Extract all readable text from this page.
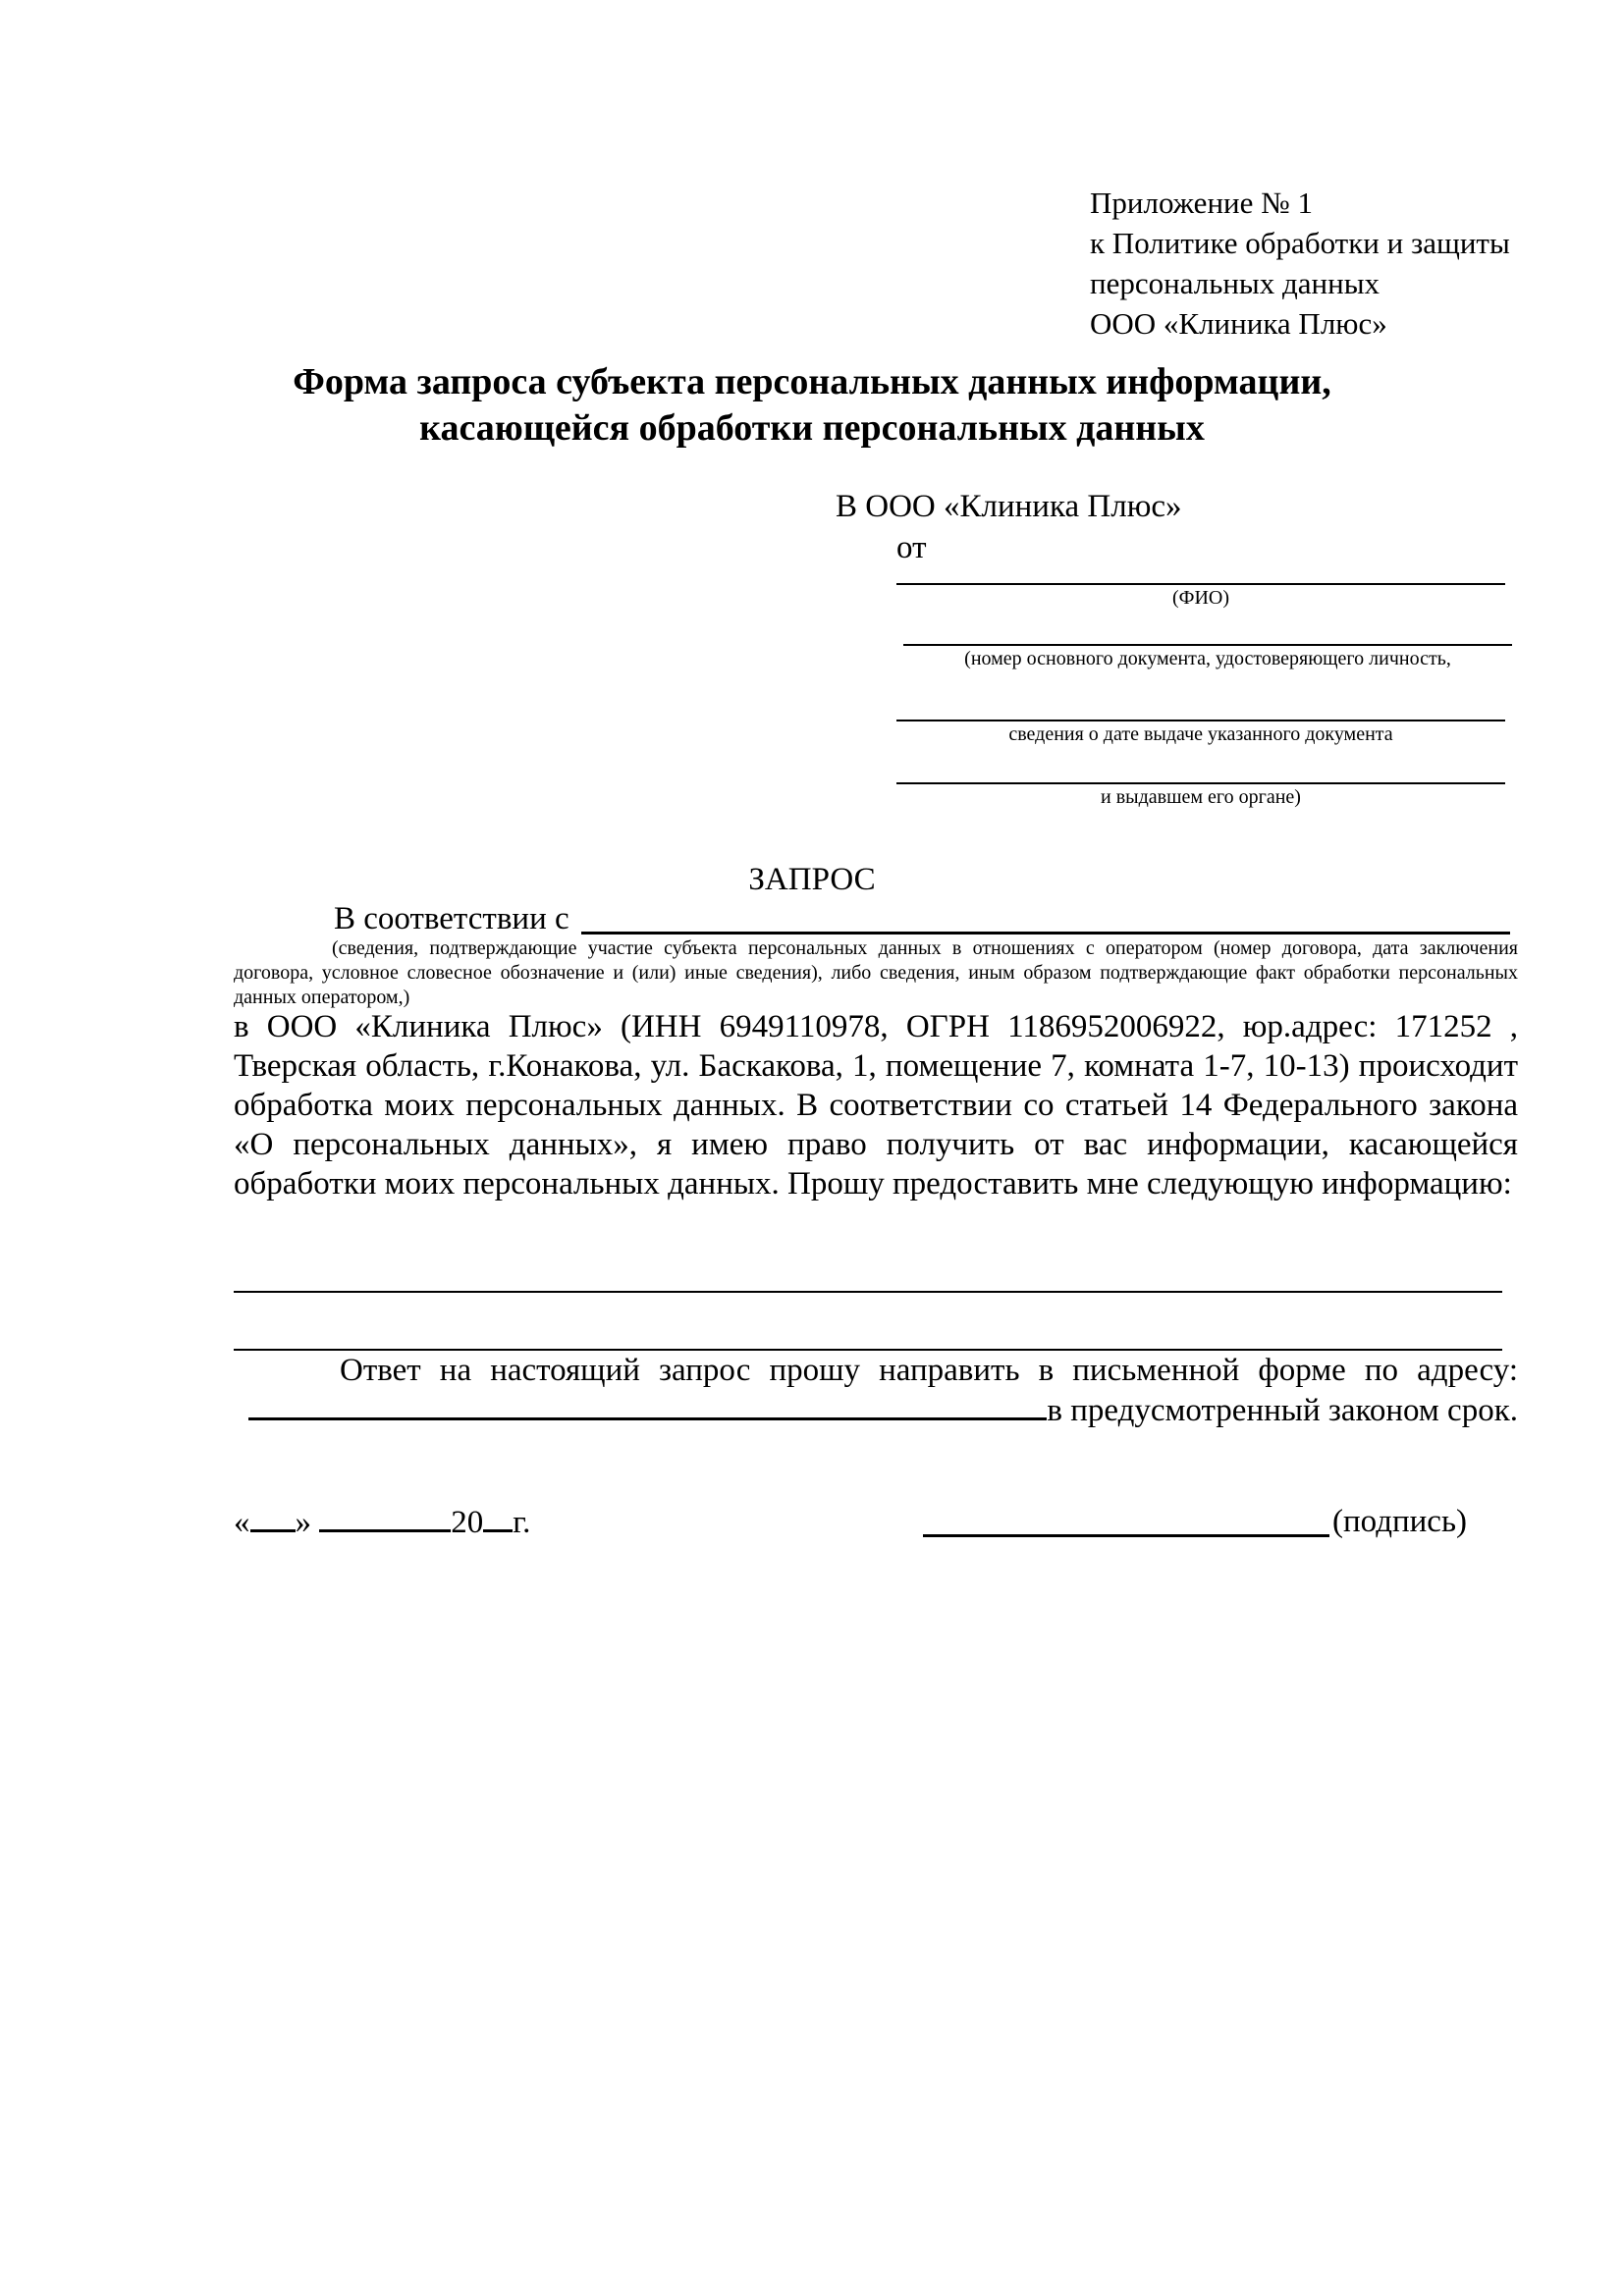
Приложение № 1
к Политике обработки и защиты
персональных данных
ООО «Клиника Плюс»
Форма запроса субъекта персональных данных информации,
касающейся обработки персональных данных
В ООО «Клиника Плюс»
от
(ФИО)
(номер основного документа, удостоверяющего личность,
сведения о дате выдаче указанного документа
и выдавшем его органе)
ЗАПРОС
В соответствии с
(сведения, подтверждающие участие субъекта персональных данных в отношениях с оператором (номер договора, дата заключения договора, условное словесное обозначение и (или) иные сведения), либо сведения, иным образом подтверждающие факт обработки персональных данных оператором,)
в ООО «Клиника Плюс» (ИНН 6949110978, ОГРН 1186952006922, юр.адрес: 171252 , Тверская область, г.Конакова, ул. Баскакова, 1, помещение 7, комната 1-7, 10-13) происходит обработка моих персональных данных. В соответствии со статьей 14 Федерального закона «О персональных данных», я имею право получить от вас информации, касающейся обработки моих персональных данных. Прошу предоставить мне следующую информацию:
Ответ на настоящий запрос прошу направить в письменной форме по адресу:
в предусмотренный законом срок.
« »	20 г.	(подпись)
